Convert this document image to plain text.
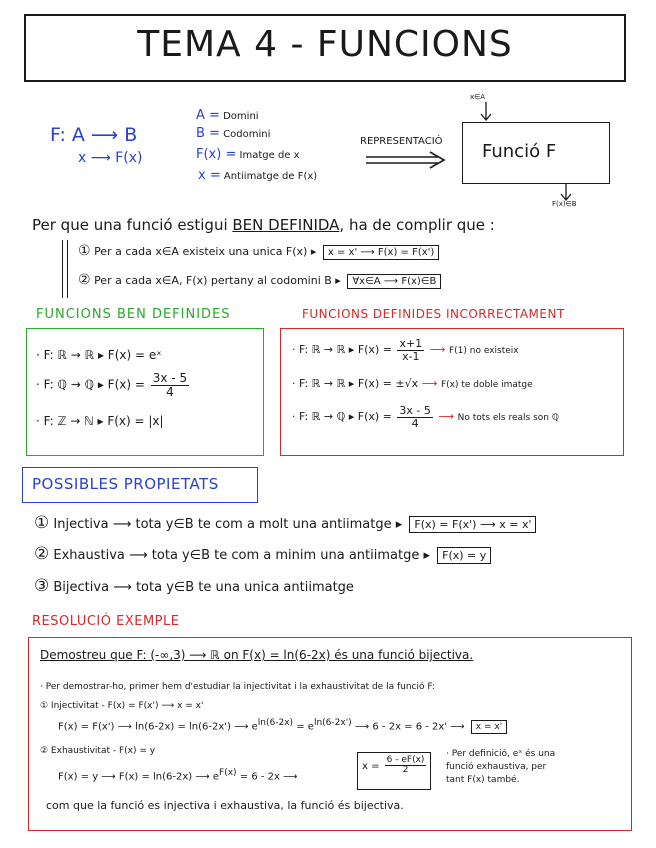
TEMA 4 - FUNCIONS
F: A ⟶ B
x ⟶ F(x)
A = Domini
B = Codomini
F(x) = Imatge de x
x = Antiimatge de F(x)
REPRESENTACIÓ
x∈A
Funció F
F(x)∈B
Per que una funció estigui BEN DEFINIDA, ha de complir que :
① Per a cada x∈A existeix una unica F(x) ▸ x = x' ⟶ F(x) = F(x')
② Per a cada x∈A, F(x) pertany al codomini B ▸ ∀x∈A ⟶ F(x)∈B
FUNCIONS BEN DEFINIDES
· F: ℝ → ℝ ▸ F(x) = eˣ
· F: ℚ → ℚ ▸ $F(x) = \frac{3x - 5}{4}$
· F: ℤ → ℕ ▸ F(x) = |x|
FUNCIONS DEFINIDES INCORRECTAMENT
· F: ℝ → ℝ ▸ $F(x) = \frac{x+1}{x-1}$ ⟶ F(1) no existeix
· F: ℝ → ℝ ▸ F(x) = ±√x ⟶ F(x) te doble imatge
· F: ℝ → ℚ ▸ $F(x) = \frac{3x - 5}{4}$ ⟶ No tots els reals son ℚ
POSSIBLES PROPIETATS
① Injectiva ⟶ tota y∈B te com a molt una antiimatge ▸ F(x) = F(x') ⟶ x = x'
② Exhaustiva ⟶ tota y∈B te com a minim una antiimatge ▸ F(x) = y
③ Bijectiva ⟶ tota y∈B te una unica antiimatge
RESOLUCIÓ EXEMPLE
Demostreu que F: (-∞,3) ⟶ ℝ on F(x) = ln(6-2x) és una funció bijectiva.
· Per demostrar-ho, primer hem d'estudiar la injectivitat i la exhaustivitat de la funció F:
① Injectivitat - F(x) = F(x') ⟶ x = x'
F(x) = F(x') ⟶ ln(6-2x) = ln(6-2x') ⟶ $e^{ln(6-2x)} = e^{ln(6-2x')}$ ⟶ 6 - 2x = 6 - 2x' ⟶ x = x'
② Exhaustivitat - F(x) = y
F(x) = y ⟶ F(x) = ln(6-2x) ⟶ $e^{F(x)} = 6 - 2x$ ⟶
$x = \frac{6 - eF(x)}{2}$
· Per definició, eˣ és una
funció exhaustiva, per
tant F(x) també.
com que la funció es injectiva i exhaustiva, la funció és bijectiva.
